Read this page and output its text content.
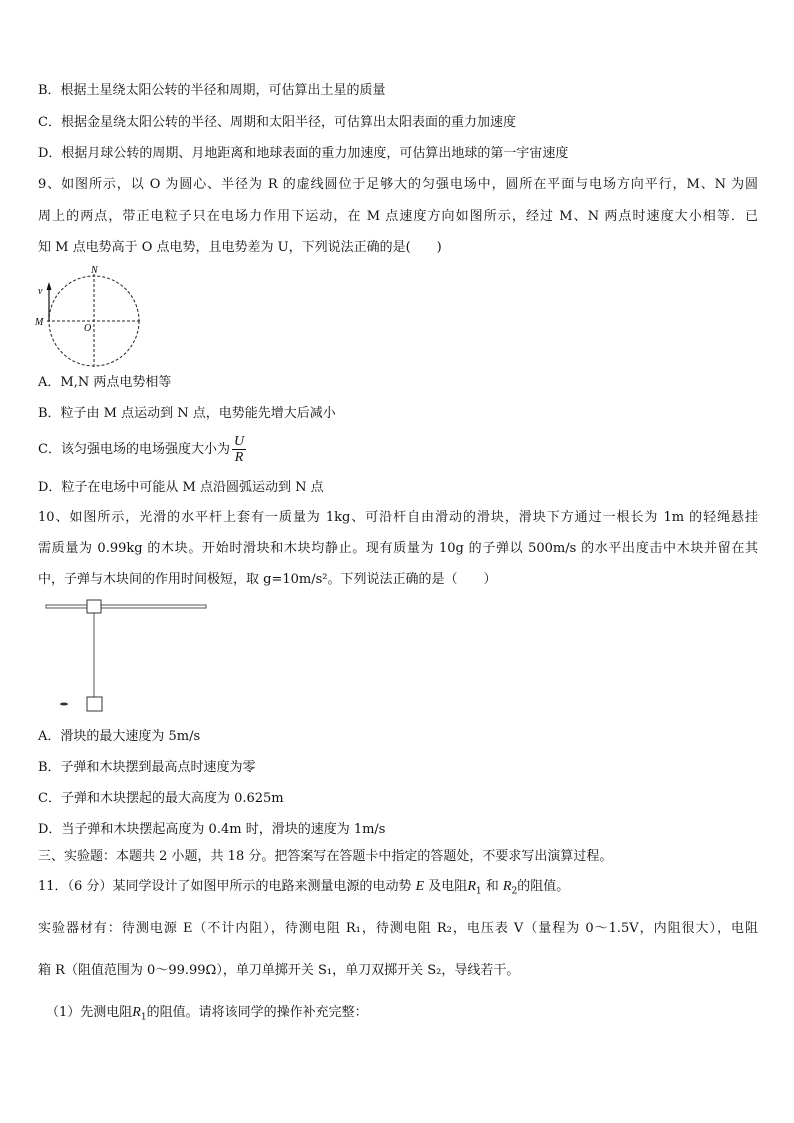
B．根据土星绕太阳公转的半径和周期，可估算出土星的质量
C．根据金星绕太阳公转的半径、周期和太阳半径，可估算出太阳表面的重力加速度
D．根据月球公转的周期、月地距离和地球表面的重力加速度，可估算出地球的第一宇宙速度
9、如图所示，以 O 为圆心、半径为 R 的虚线圆位于足够大的匀强电场中，圆所在平面与电场方向平行，M、N 为圆
周上的两点，带正电粒子只在电场力作用下运动，在 M 点速度方向如图所示，经过 M、N 两点时速度大小相等．已
知 M 点电势高于 O 点电势，且电势差为 U，下列说法正确的是(　　)
N
v
M
O
A．M,N 两点电势相等
B．粒子由 M 点运动到 N 点，电势能先增大后减小
C．该匀强电场的电场强度大小为 $\frac{U}{R}$
D．粒子在电场中可能从 M 点沿圆弧运动到 N 点
10、如图所示，光滑的水平杆上套有一质量为 1kg、可沿杆自由滑动的滑块，滑块下方通过一根长为 1m 的轻绳悬挂
需质量为 0.99kg 的木块。开始时滑块和木块均静止。现有质量为 10g 的子弹以 500m/s 的水平出度击中木块并留在其
中，子弹与木块间的作用时间极短，取 g=10m/s²。下列说法正确的是（　　）
A．滑块的最大速度为 5m/s
B．子弹和木块摆到最高点时速度为零
C．子弹和木块摆起的最大高度为 0.625m
D．当子弹和木块摆起高度为 0.4m 时，滑块的速度为 1m/s
三、实验题：本题共 2 小题，共 18 分。把答案写在答题卡中指定的答题处，不要求写出演算过程。
11．（6 分）某同学设计了如图甲所示的电路来测量电源的电动势 E 及电阻$R_1$ 和 $R_2$的阻值。
实验器材有：待测电源 E（不计内阻），待测电阻 R₁，待测电阻 R₂，电压表 V（量程为 0～1.5V，内阻很大），电阻
箱 R（阻值范围为 0～99.99Ω），单刀单掷开关 S₁，单刀双掷开关 S₂，导线若干。
（1）先测电阻$R_1$的阻值。请将该同学的操作补充完整：
